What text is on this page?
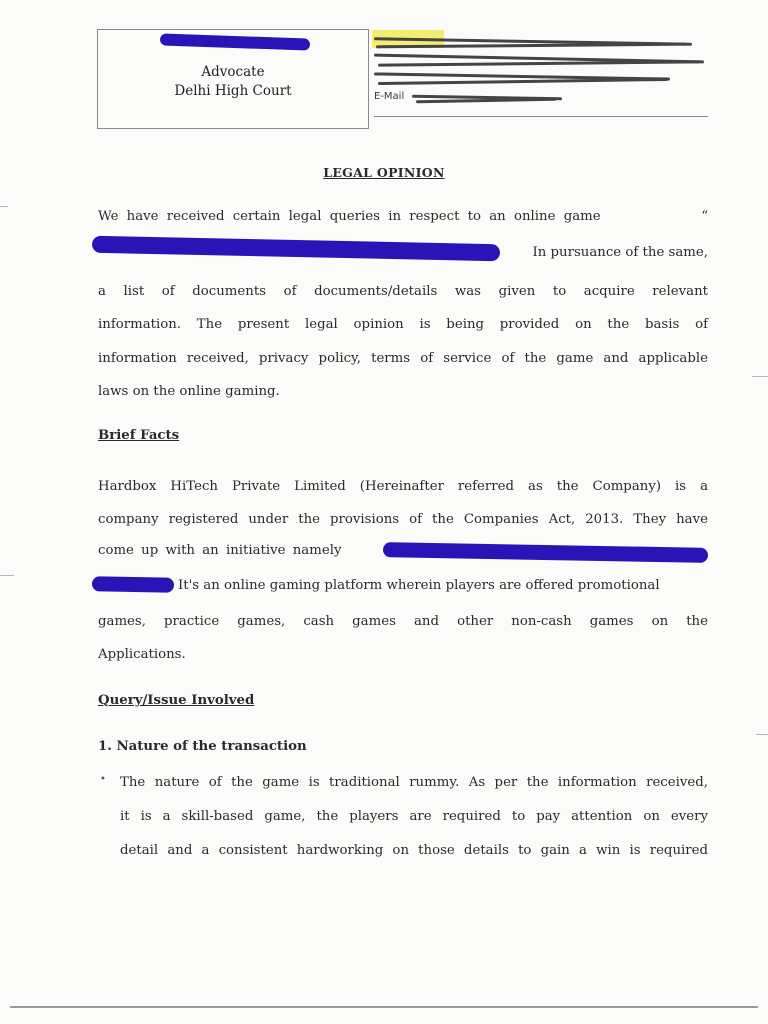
Advocate
Delhi High Court	E-Mail
LEGAL OPINION
We have received certain legal queries in respect to an online game	“
In pursuance of the same,
a list of documents of documents/details was given to acquire relevant
information. The present legal opinion is being provided on the basis of
information received, privacy policy, terms of service of the game and applicable
laws on the online gaming.
Brief Facts
Hardbox HiTech Private Limited (Hereinafter referred as the Company) is a
company registered under the provisions of the Companies Act, 2013. They have
come up with an initiative namely
It's an online gaming platform wherein players are offered promotional
games, practice games, cash games and other non-cash games on the
Applications.
Query/Issue Involved
1. Nature of the transaction
• The nature of the game is traditional rummy. As per the information received,
it is a skill-based game, the players are required to pay attention on every
detail and a consistent hardworking on those details to gain a win is required
